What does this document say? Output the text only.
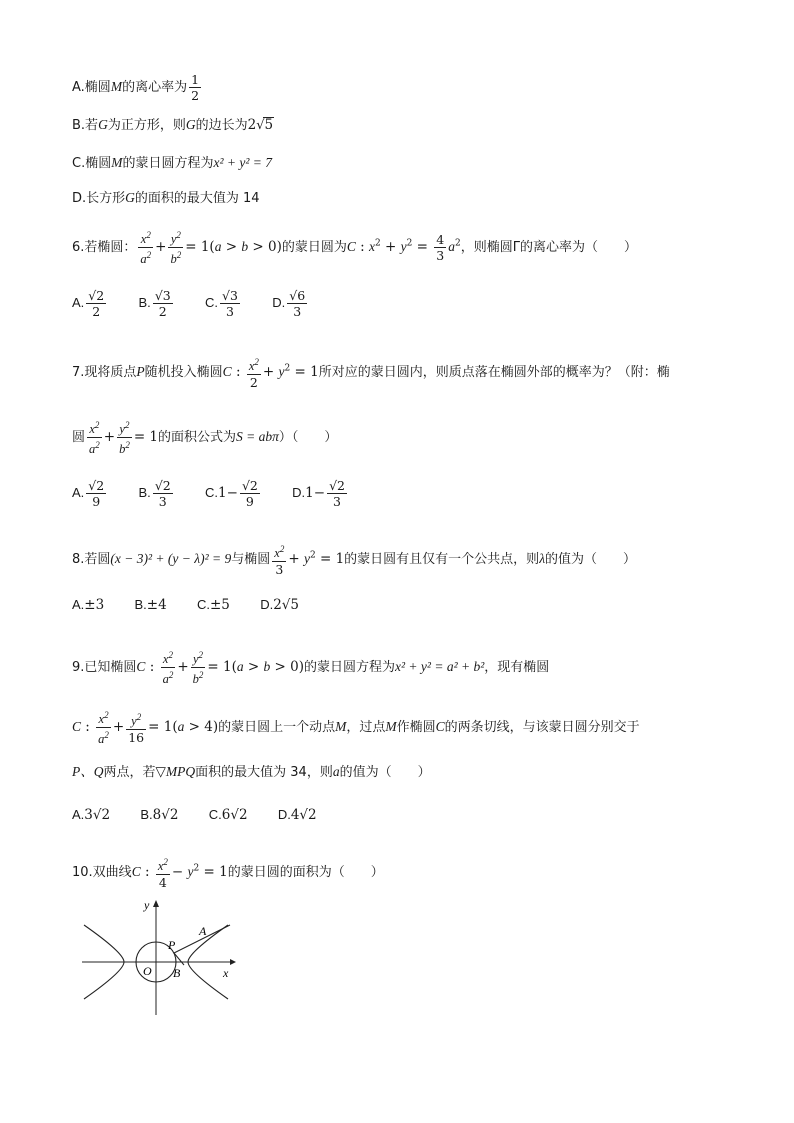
A.椭圆M的离心率为 $\frac{1}{2}$
B.若G为正方形，则G的边长为2√5
C.椭圆M的蒙日圆方程为x² + y² = 7
D.长方形G的面积的最大值为 14
6.若椭圆： $\frac{x^2}{a^2} + \frac{y^2}{b^2} = 1(a > b > 0)$的蒙日圆为C : $x^2 + y^2 = \frac{4}{3} a^2$，则椭圆Γ的离心率为（　　）
A. $\frac{√2}{2} B$. $\frac{√3}{2} C$. $\frac{√3}{3} D$. $\frac{√6}{3}$
7.现将质点P随机投入椭圆C : $\frac{x^2}{2} + y^2 = 1$所对应的蒙日圆内，则质点落在椭圆外部的概率为？（附：椭
圆 $\frac{x^2}{a^2} + \frac{y^2}{b^2} = 1$的面积公式为S = abπ）（　　）
A. $\frac{√2}{9} B$. $\frac{√2}{3} C.1- \frac{√2}{9} D.1- \frac{√2}{3}$
8.若圆(x − 3)² + (y − λ)² = 9与椭圆 $\frac{x^2}{3} + y^2 = 1$的蒙日圆有且仅有一个公共点，则λ的值为（　　）
A.±3 B.±4 C.±5 D.2√5
9.已知椭圆C : $\frac{x^2}{a^2} + \frac{y^2}{b^2} = 1(a > b > 0)$的蒙日圆方程为x² + y² = a² + b²，现有椭圆
C : $\frac{x^2}{a^2} + \frac{y^2}{16} = 1(a > 4)$的蒙日圆上一个动点M，过点M作椭圆C的两条切线，与该蒙日圆分别交于
P、Q两点，若▽MPQ面积的最大值为 34，则a的值为（　　）
A.3√2 B.8√2 C.6√2 D.4√2
10.双曲线C : $\frac{x^2}{4} - y^2 = 1$的蒙日圆的面积为（　　）
y
x
O
P
A
B
